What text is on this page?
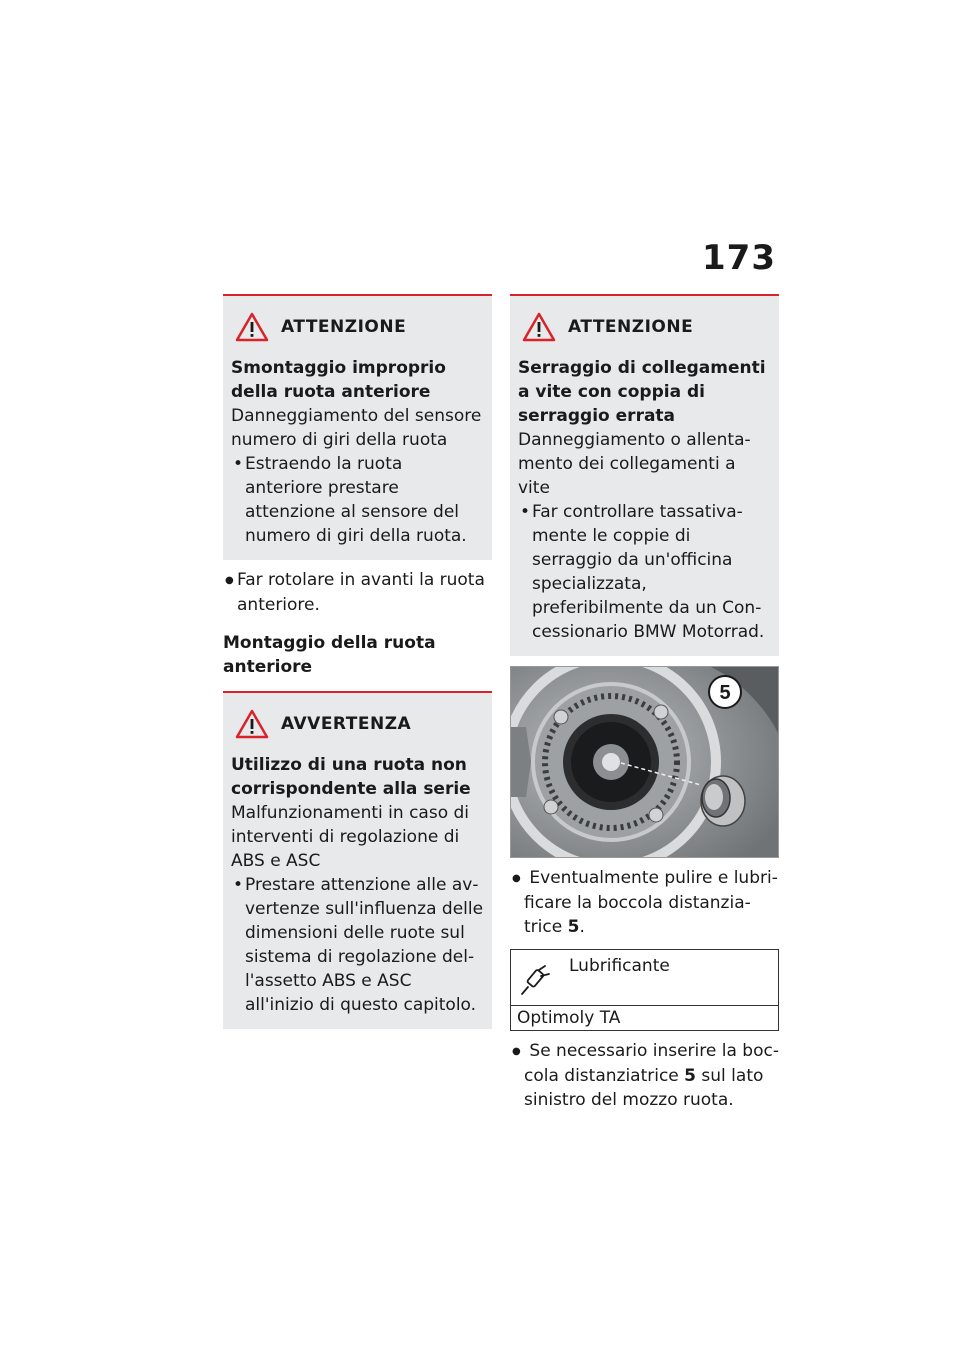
173
ATTENZIONE
Smontaggio improprio della ruota anteriore
Danneggiamento del sensore numero di giri della ruota
• Estraendo la ruota anteriore prestare attenzione al sensore del numero di giri della ruota.
● Far rotolare in avanti la ruota anteriore.
Montaggio della ruota anteriore
AVVERTENZA
Utilizzo di una ruota non corrispondente alla serie
Malfunzionamenti in caso di interventi di regolazione di ABS e ASC
• Prestare attenzione alle avvertenze sull'influenza delle dimensioni delle ruote sul sistema di regolazione dell'assetto ABS e ASC all'inizio di questo capitolo.
ATTENZIONE
Serraggio di collegamenti a vite con coppia di serraggio errata
Danneggiamento o allentamento dei collegamenti a vite
• Far controllare tassativamente le coppie di serraggio da un'officina specializzata, preferibilmente da un Concessionario BMW Motorrad.
5
● Eventualmente pulire e lubrificare la boccola distanziatrice 5.
Lubrificante
Optimoly TA
● Se necessario inserire la boccola distanziatrice 5 sul lato sinistro del mozzo ruota.
